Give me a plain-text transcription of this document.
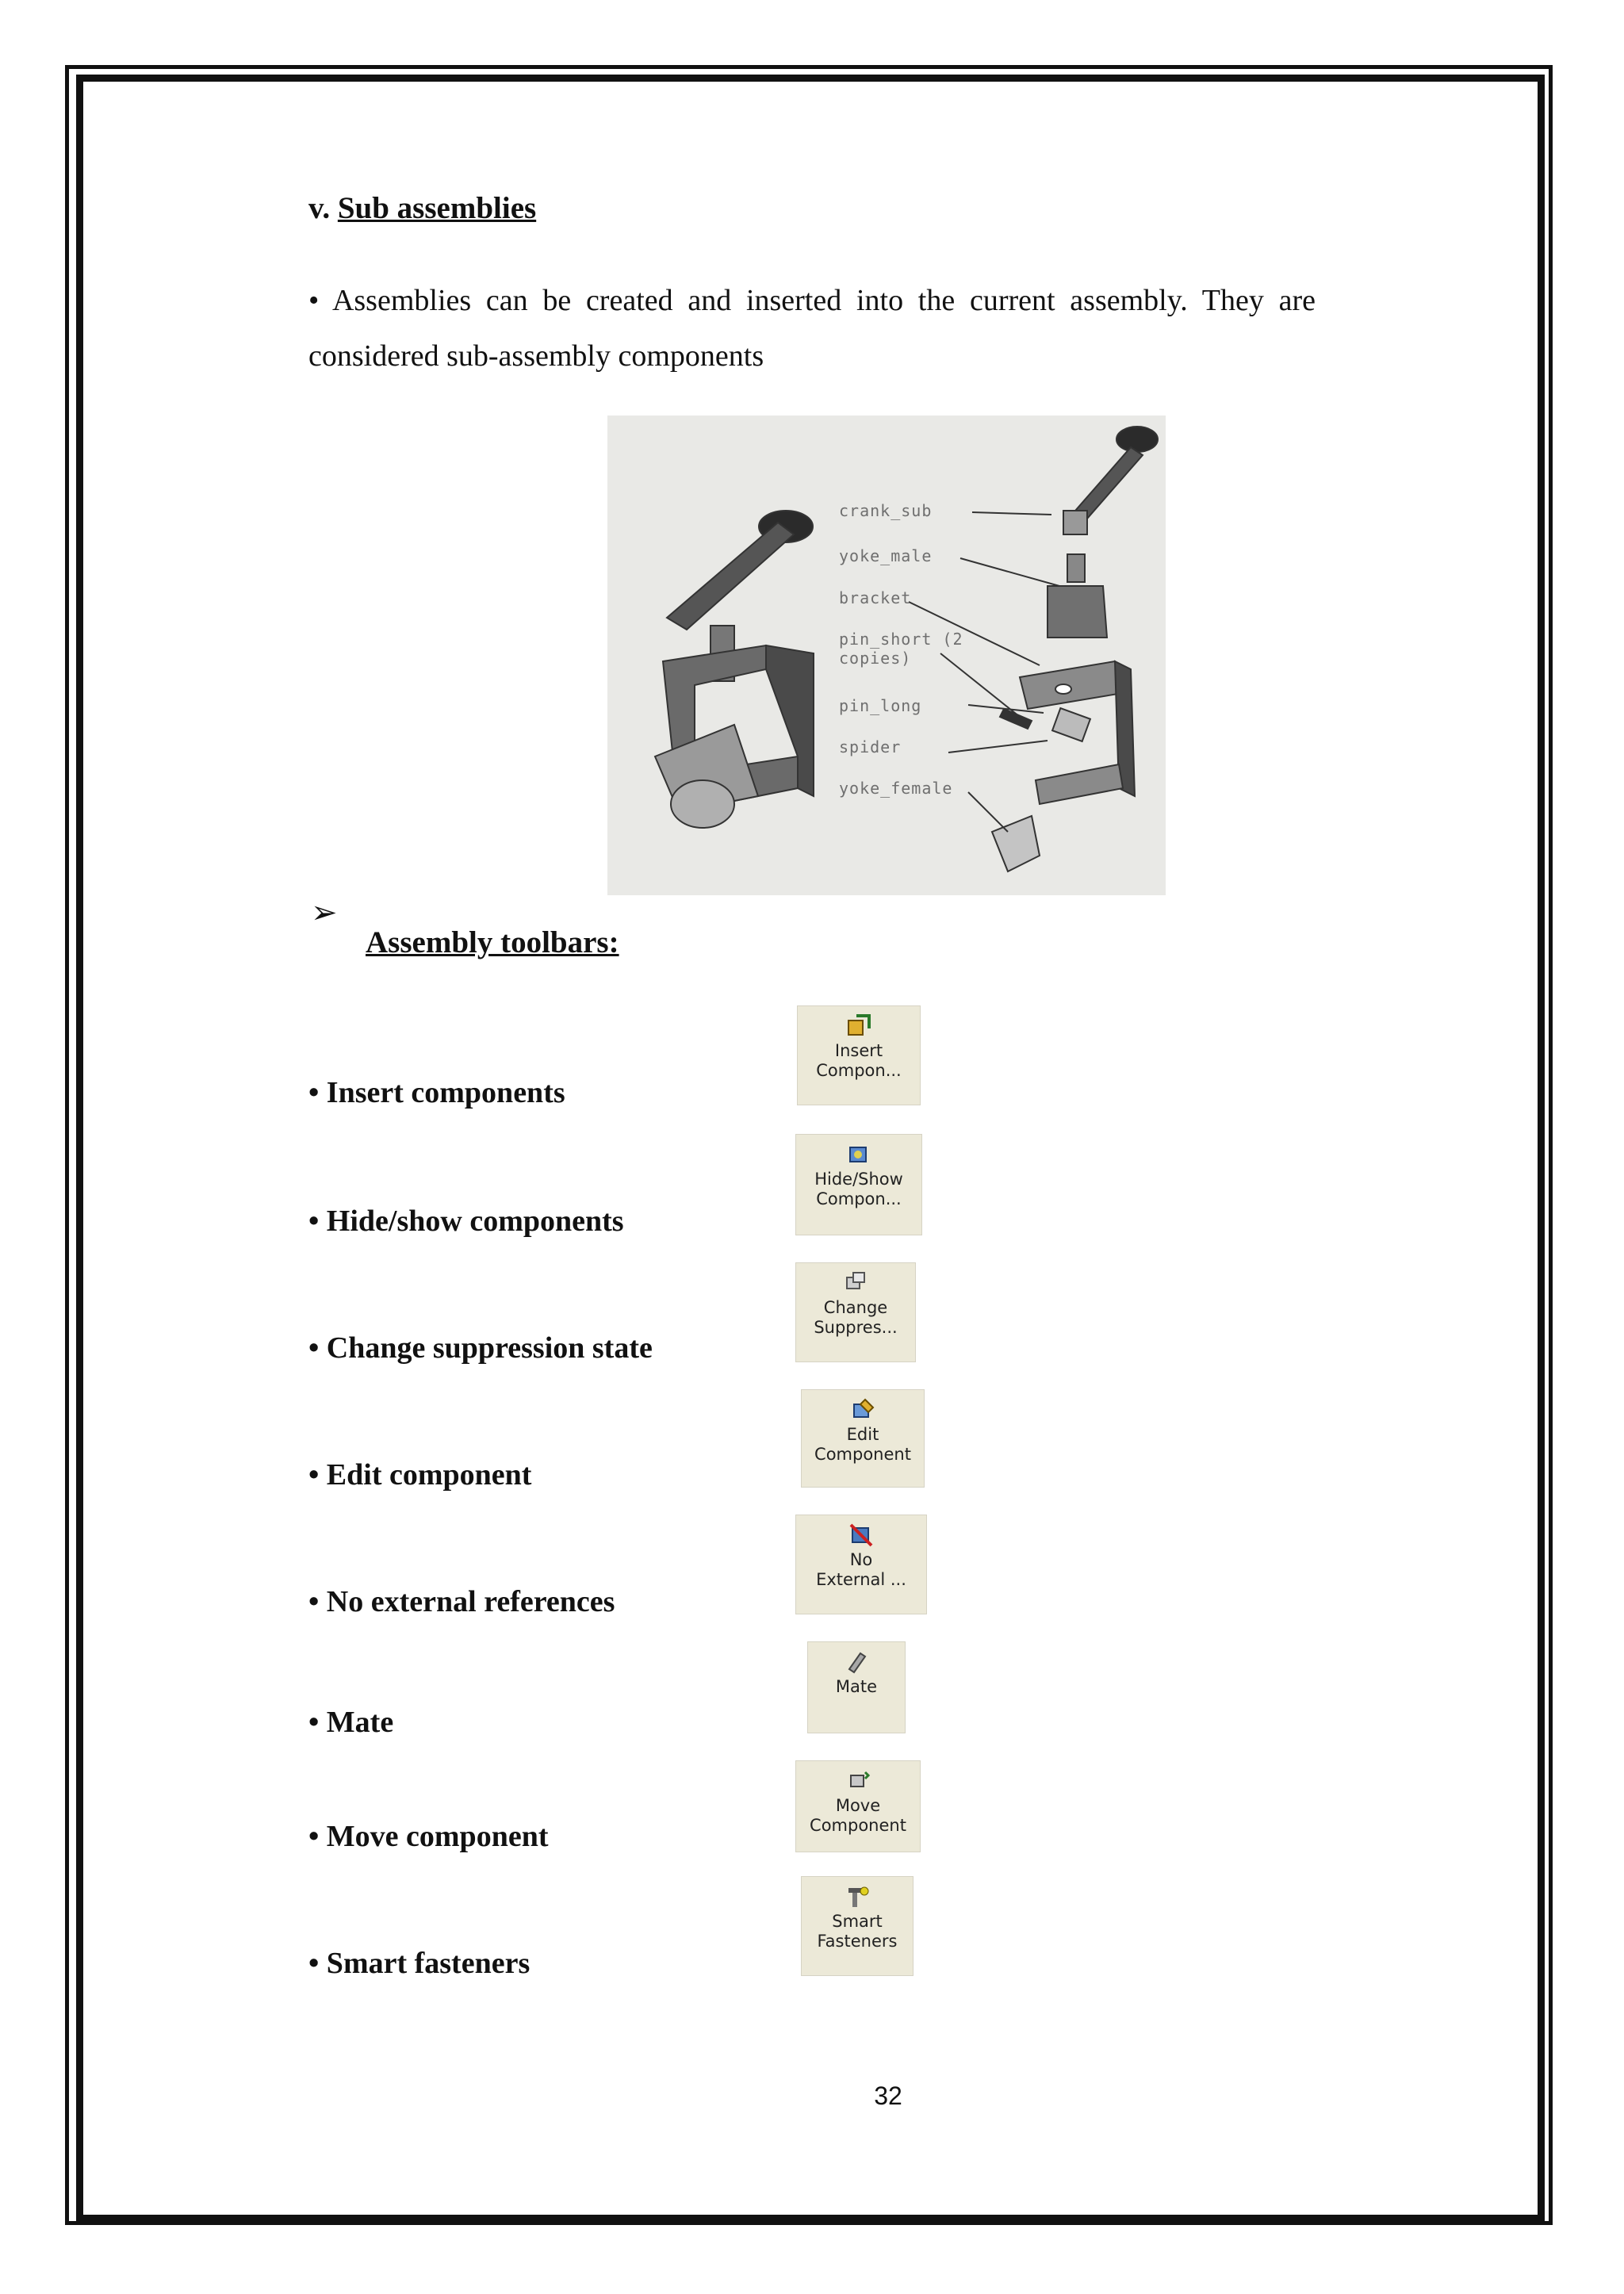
v. Sub assemblies
• Assemblies can be created and inserted into the current assembly. They are
considered sub-assembly components
crank_sub
yoke_male
bracket
pin_short (2 copies)
pin_long
spider
yoke_female
➢
Assembly toolbars:
• Insert components
Insert
Compon...
• Hide/show components
Hide/Show
Compon...
• Change suppression state
Change
Suppres...
• Edit component
Edit
Component
• No external references
No
External ...
• Mate
Mate
• Move component
Move
Component
• Smart fasteners
Smart
Fasteners
32
